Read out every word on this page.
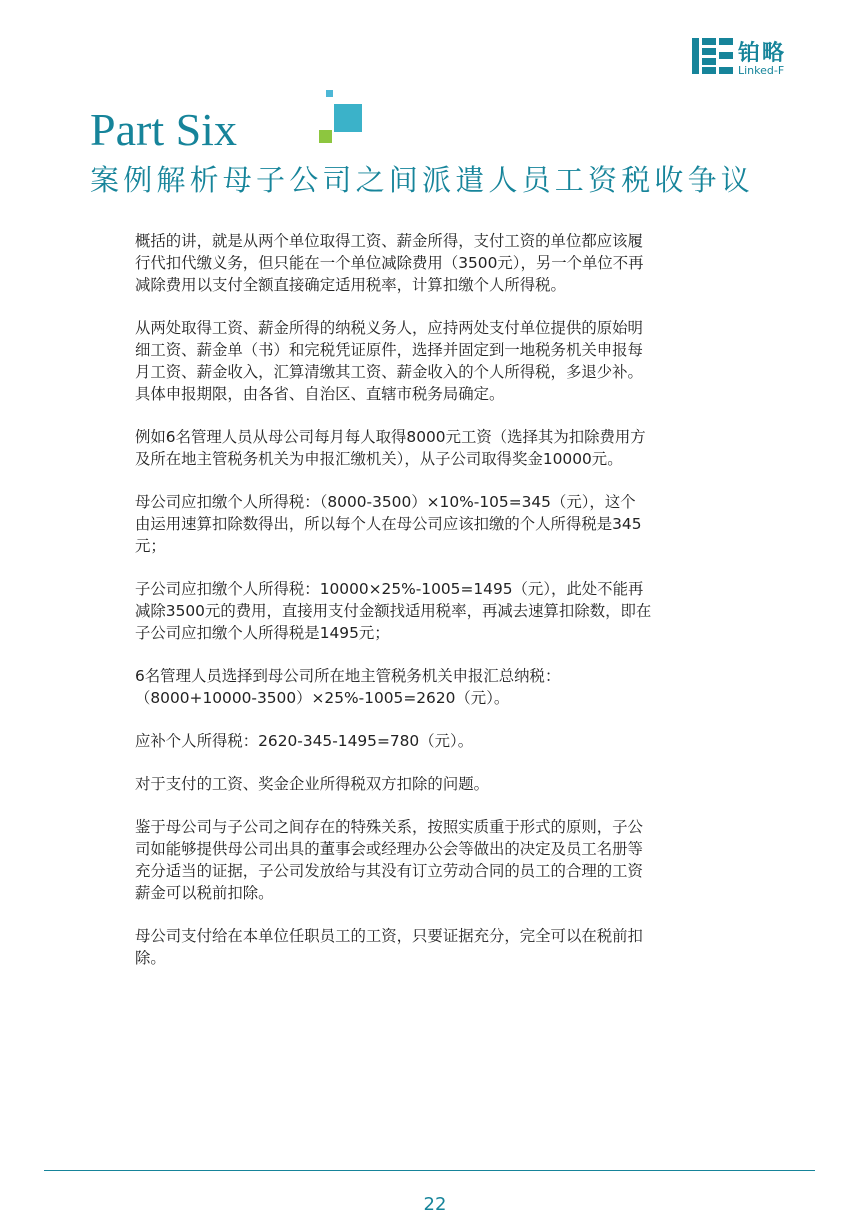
铂略
Linked-F
Part Six
案例解析母子公司之间派遣人员工资税收争议

概括的讲，就是从两个单位取得工资、薪金所得，支付工资的单位都应该履
行代扣代缴义务，但只能在一个单位减除费用（3500元），另一个单位不再
减除费用以支付全额直接确定适用税率，计算扣缴个人所得税。

从两处取得工资、薪金所得的纳税义务人，应持两处支付单位提供的原始明
细工资、薪金单（书）和完税凭证原件，选择并固定到一地税务机关申报每
月工资、薪金收入，汇算清缴其工资、薪金收入的个人所得税，多退少补。
具体申报期限，由各省、自治区、直辖市税务局确定。

例如6名管理人员从母公司每月每人取得8000元工资（选择其为扣除费用方
及所在地主管税务机关为申报汇缴机关），从子公司取得奖金10000元。

母公司应扣缴个人所得税：（8000-3500）×10%-105=345（元），这个
由运用速算扣除数得出，所以每个人在母公司应该扣缴的个人所得税是345
元；

子公司应扣缴个人所得税：10000×25%-1005=1495（元），此处不能再
减除3500元的费用，直接用支付金额找适用税率，再减去速算扣除数，即在
子公司应扣缴个人所得税是1495元；

6名管理人员选择到母公司所在地主管税务机关申报汇总纳税：
（8000+10000-3500）×25%-1005=2620（元）。

应补个人所得税：2620-345-1495=780（元）。

对于支付的工资、奖金企业所得税双方扣除的问题。

鉴于母公司与子公司之间存在的特殊关系，按照实质重于形式的原则，子公
司如能够提供母公司出具的董事会或经理办公会等做出的决定及员工名册等
充分适当的证据，子公司发放给与其没有订立劳动合同的员工的合理的工资
薪金可以税前扣除。

母公司支付给在本单位任职员工的工资，只要证据充分，完全可以在税前扣
除。

22
